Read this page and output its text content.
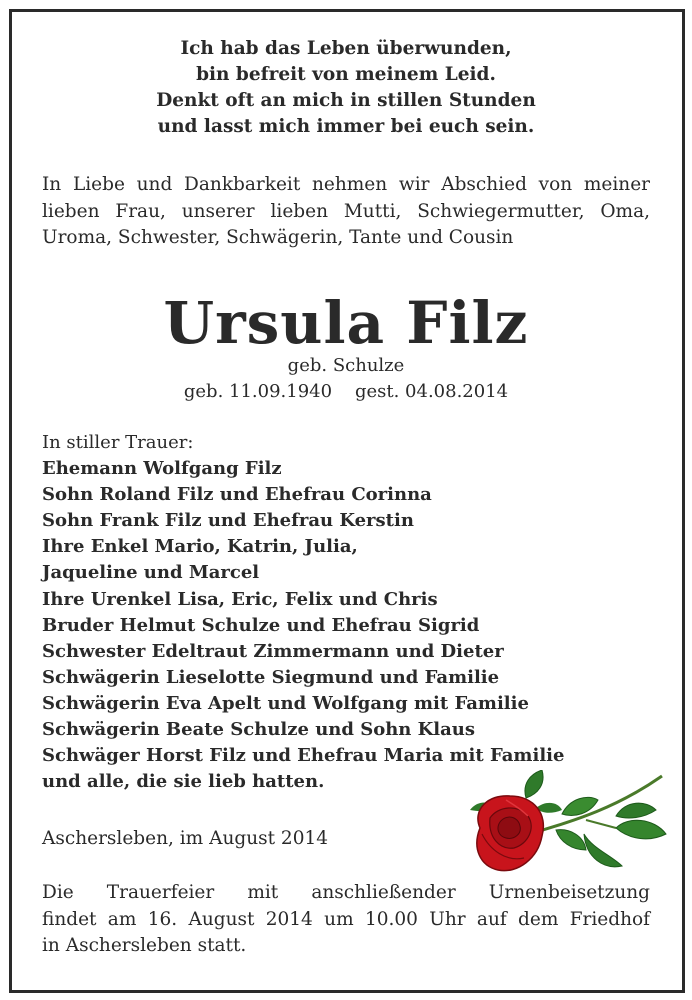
Ich hab das Leben überwunden,
bin befreit von meinem Leid.
Denkt oft an mich in stillen Stunden
und lasst mich immer bei euch sein.
In Liebe und Dankbarkeit nehmen wir Abschied von meiner
lieben Frau, unserer lieben Mutti, Schwiegermutter, Oma,
Uroma, Schwester, Schwägerin, Tante und Cousin
Ursula Filz
geb. Schulze
geb. 11.09.1940    gest. 04.08.2014
In stiller Trauer:
Ehemann Wolfgang Filz
Sohn Roland Filz und Ehefrau Corinna
Sohn Frank Filz und Ehefrau Kerstin
Ihre Enkel Mario, Katrin, Julia,
Jaqueline und Marcel
Ihre Urenkel Lisa, Eric, Felix und Chris
Bruder Helmut Schulze und Ehefrau Sigrid
Schwester Edeltraut Zimmermann und Dieter
Schwägerin Lieselotte Siegmund und Familie
Schwägerin Eva Apelt und Wolfgang mit Familie
Schwägerin Beate Schulze und Sohn Klaus
Schwäger Horst Filz und Ehefrau Maria mit Familie
und alle, die sie lieb hatten.
Aschersleben, im August 2014
Die Trauerfeier mit anschließender Urnenbeisetzung
findet am 16. August 2014 um 10.00 Uhr auf dem Friedhof
in Aschersleben statt.
